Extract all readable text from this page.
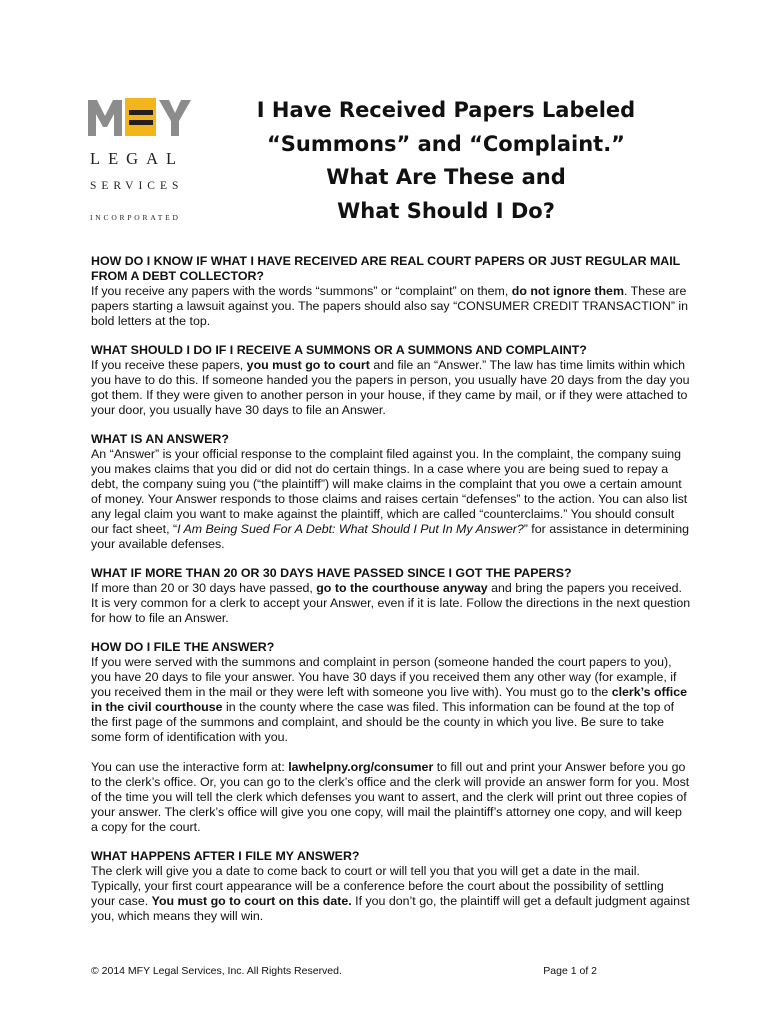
LEGAL
SERVICES
INCORPORATED
I Have Received Papers Labeled
“Summons” and “Complaint.”
What Are These and
What Should I Do?
HOW DO I KNOW IF WHAT I HAVE RECEIVED ARE REAL COURT PAPERS OR JUST REGULAR MAIL FROM A DEBT COLLECTOR?

If you receive any papers with the words “summons” or “complaint” on them, do not ignore them. These are papers starting a lawsuit against you. The papers should also say “CONSUMER CREDIT TRANSACTION” in bold letters at the top.

WHAT SHOULD I DO IF I RECEIVE A SUMMONS OR A SUMMONS AND COMPLAINT?

If you receive these papers, you must go to court and file an “Answer.” The law has time limits within which you have to do this. If someone handed you the papers in person, you usually have 20 days from the day you got them. If they were given to another person in your house, if they came by mail, or if they were attached to your door, you usually have 30 days to file an Answer.

WHAT IS AN ANSWER?

An “Answer” is your official response to the complaint filed against you. In the complaint, the company suing you makes claims that you did or did not do certain things. In a case where you are being sued to repay a debt, the company suing you (“the plaintiff”) will make claims in the complaint that you owe a certain amount of money. Your Answer responds to those claims and raises certain “defenses” to the action. You can also list any legal claim you want to make against the plaintiff, which are called “counterclaims.” You should consult our fact sheet, “I Am Being Sued For A Debt: What Should I Put In My Answer?” for assistance in determining your available defenses.

WHAT IF MORE THAN 20 OR 30 DAYS HAVE PASSED SINCE I GOT THE PAPERS?

If more than 20 or 30 days have passed, go to the courthouse anyway and bring the papers you received. It is very common for a clerk to accept your Answer, even if it is late. Follow the directions in the next question for how to file an Answer.

HOW DO I FILE THE ANSWER?

If you were served with the summons and complaint in person (someone handed the court papers to you), you have 20 days to file your answer. You have 30 days if you received them any other way (for example, if you received them in the mail or they were left with someone you live with). You must go to the clerk’s office in the civil courthouse in the county where the case was filed. This information can be found at the top of the first page of the summons and complaint, and should be the county in which you live. Be sure to take some form of identification with you.

You can use the interactive form at: lawhelpny.org/consumer to fill out and print your Answer before you go to the clerk’s office. Or, you can go to the clerk’s office and the clerk will provide an answer form for you. Most of the time you will tell the clerk which defenses you want to assert, and the clerk will print out three copies of your answer. The clerk’s office will give you one copy, will mail the plaintiff’s attorney one copy, and will keep a copy for the court.

WHAT HAPPENS AFTER I FILE MY ANSWER?

The clerk will give you a date to come back to court or will tell you that you will get a date in the mail. Typically, your first court appearance will be a conference before the court about the possibility of settling your case. You must go to court on this date. If you don’t go, the plaintiff will get a default judgment against you, which means they will win.

© 2014 MFY Legal Services, Inc. All Rights Reserved.	Page 1 of 2
